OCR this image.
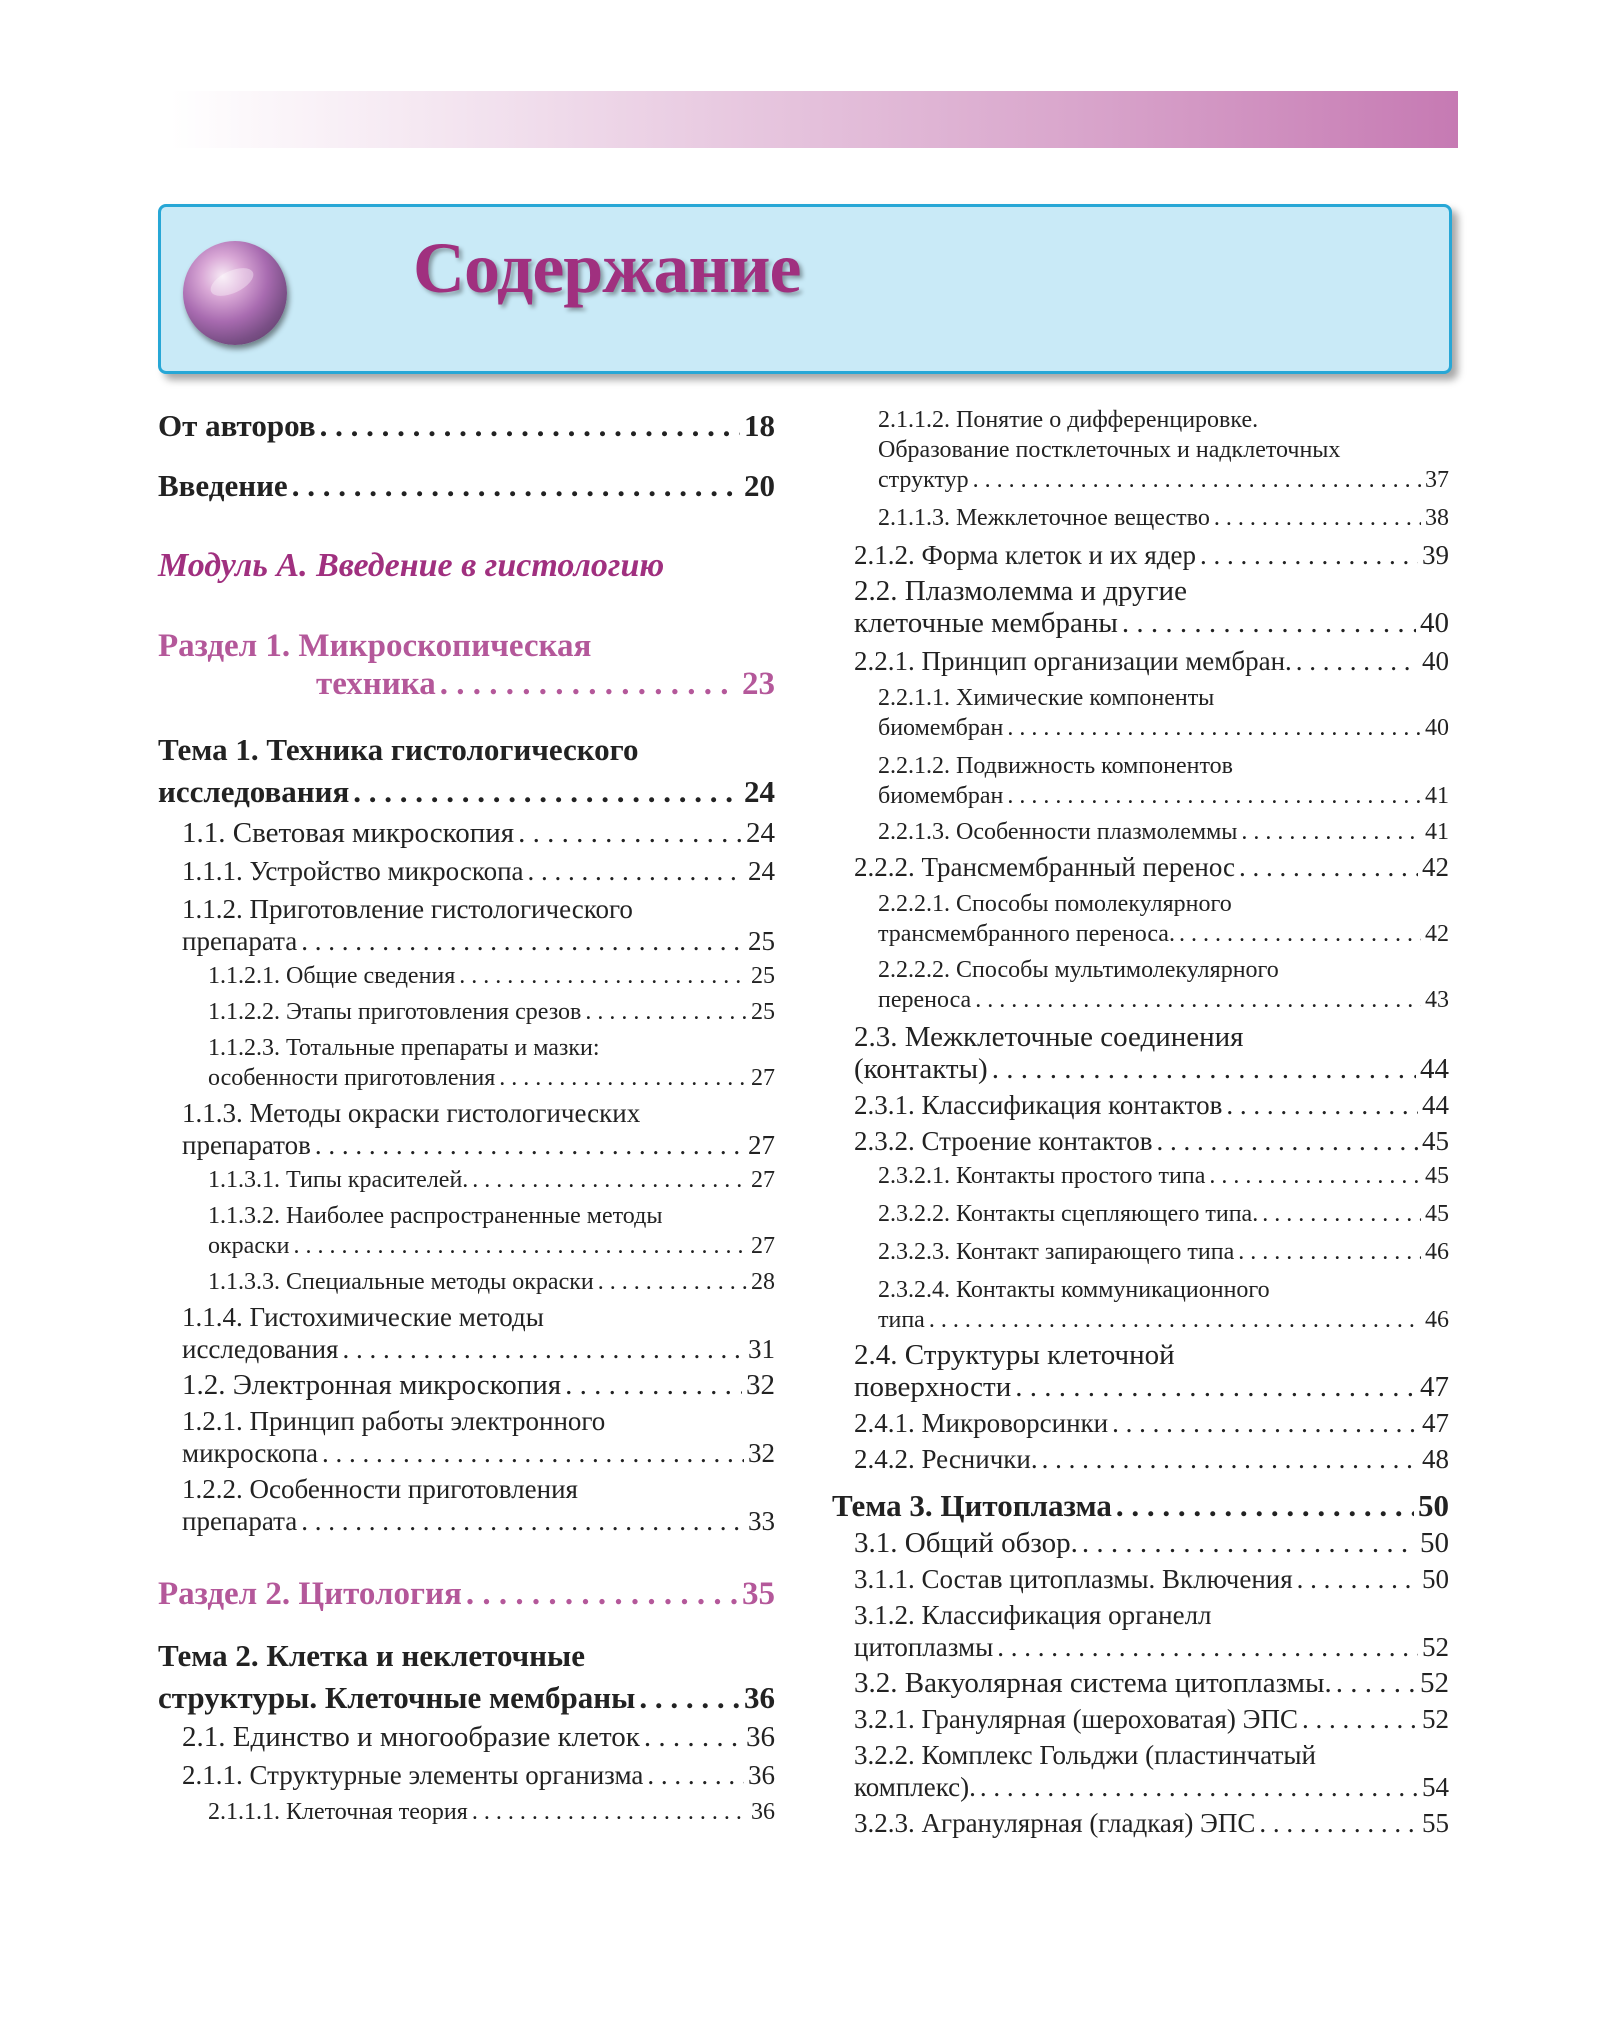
Содержание
От авторов . . .	18
Введение . . .	20
Модуль А. Введение в гистологию
Раздел 1. Микроскопическая
техника . . .	23
Тема 1. Техника гистологического
исследования . . .	24
1.1. Световая микроскопия . . .	24
1.1.1. Устройство микроскопа . . .	24
1.1.2. Приготовление гистологического
препарата . . .	25
1.1.2.1. Общие сведения . . .	25
1.1.2.2. Этапы приготовления срезов . . .	25
1.1.2.3. Тотальные препараты и мазки:
особенности приготовления . . .	27
1.1.3. Методы окраски гистологических
препаратов . . .	27
1.1.3.1. Типы красителей. . . .	27
1.1.3.2. Наиболее распространенные методы
окраски . . .	27
1.1.3.3. Специальные методы окраски . . .	28
1.1.4. Гистохимические методы
исследования . . .	31
1.2. Электронная микроскопия . . .	32
1.2.1. Принцип работы электронного
микроскопа . . .	32
1.2.2. Особенности приготовления
препарата . . .	33
Раздел 2. Цитология . . .	35
Тема 2. Клетка и неклеточные
структуры. Клеточные мембраны . . .	36
2.1. Единство и многообразие клеток . . .	36
2.1.1. Структурные элементы организма . . .	36
2.1.1.1. Клеточная теория . . .	36
2.1.1.2. Понятие о дифференцировке.
Образование постклеточных и надклеточных
структур . . .	37
2.1.1.3. Межклеточное вещество . . .	38
2.1.2. Форма клеток и их ядер . . .	39
2.2. Плазмолемма и другие
клеточные мембраны . . .	40
2.2.1. Принцип организации мембран. . . .	40
2.2.1.1. Химические компоненты
биомембран . . .	40
2.2.1.2. Подвижность компонентов
биомембран . . .	41
2.2.1.3. Особенности плазмолеммы . . .	41
2.2.2. Трансмембранный перенос . . .	42
2.2.2.1. Способы помолекулярного
трансмембранного переноса. . . .	42
2.2.2.2. Способы мультимолекулярного
переноса . . .	43
2.3. Межклеточные соединения
(контакты) . . .	44
2.3.1. Классификация контактов . . .	44
2.3.2. Строение контактов . . .	45
2.3.2.1. Контакты простого типа . . .	45
2.3.2.2. Контакты сцепляющего типа. . . .	45
2.3.2.3. Контакт запирающего типа . . .	46
2.3.2.4. Контакты коммуникационного
типа . . .	46
2.4. Структуры клеточной
поверхности . . .	47
2.4.1. Микроворсинки . . .	47
2.4.2. Реснички. . . .	48
Тема 3. Цитоплазма . . .	50
3.1. Общий обзор. . . .	50
3.1.1. Состав цитоплазмы. Включения . . .	50
3.1.2. Классификация органелл
цитоплазмы . . .	52
3.2. Вакуолярная система цитоплазмы. . . .	52
3.2.1. Гранулярная (шероховатая) ЭПС . . .	52
3.2.2. Комплекс Гольджи (пластинчатый
комплекс). . . .	54
3.2.3. Агранулярная (гладкая) ЭПС . . .	55
